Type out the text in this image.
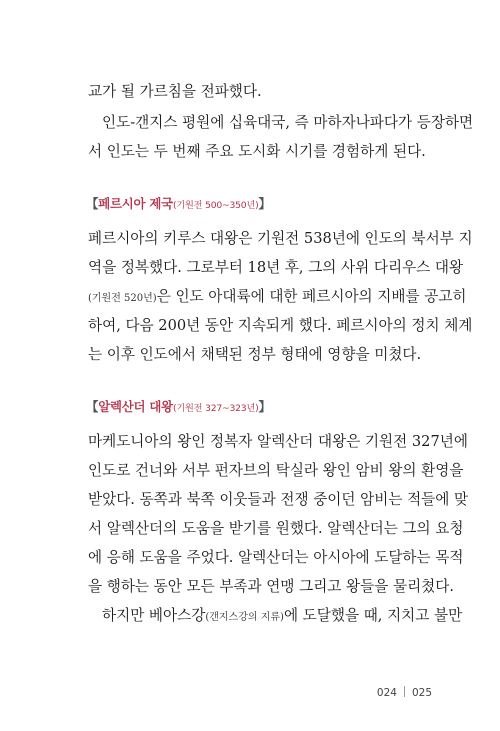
교가 될 가르침을 전파했다.
인도-갠지스 평원에 십육대국, 즉 마하자나파다가 등장하면
서 인도는 두 번째 주요 도시화 시기를 경험하게 된다.
【페르시아 제국(기원전 500~350년)】
페르시아의 키루스 대왕은 기원전 538년에 인도의 북서부 지
역을 정복했다. 그로부터 18년 후, 그의 사위 다리우스 대왕
(기원전 520년)은 인도 아대륙에 대한 페르시아의 지배를 공고히
하여, 다음 200년 동안 지속되게 했다. 페르시아의 정치 체계
는 이후 인도에서 채택된 정부 형태에 영향을 미쳤다.
【알렉산더 대왕(기원전 327~323년)】
마케도니아의 왕인 정복자 알렉산더 대왕은 기원전 327년에
인도로 건너와 서부 펀자브의 탁실라 왕인 암비 왕의 환영을
받았다. 동쪽과 북쪽 이웃들과 전쟁 중이던 암비는 적들에 맞
서 알렉산더의 도움을 받기를 원했다. 알렉산더는 그의 요청
에 응해 도움을 주었다. 알렉산더는 아시아에 도달하는 목적
을 행하는 동안 모든 부족과 연맹 그리고 왕들을 물리쳤다.
하지만 베아스강(갠지스강의 지류)에 도달했을 때, 지치고 불만
024 025
